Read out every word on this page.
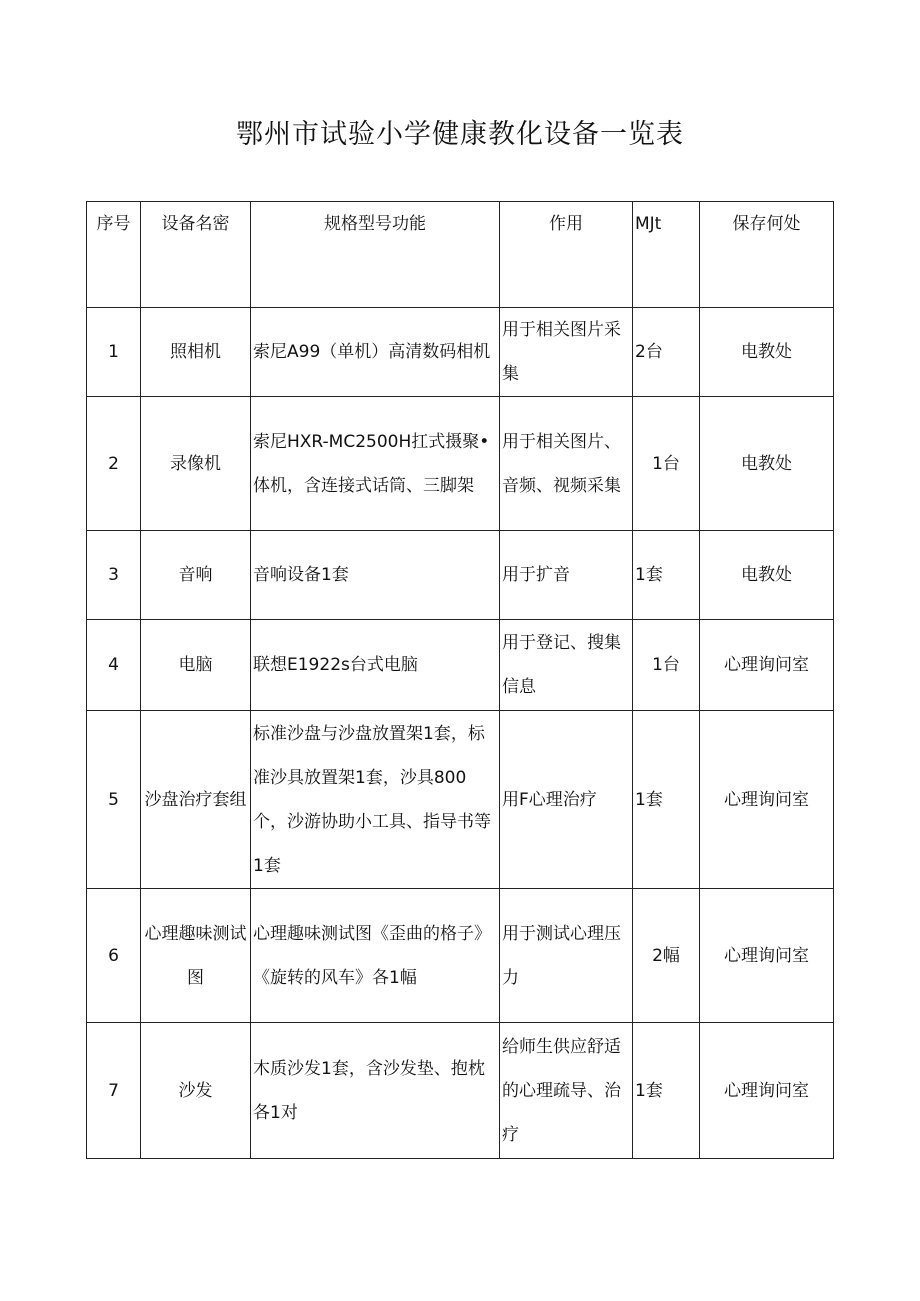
鄂州市试验小学健康教化设备一览表
序号	设备名密	规格型号功能	作用	MJt	保存何处
1	照相机	索尼A99（单机）高清数码相机	用于相关图片采集	2台	电教处
2	录像机	索尼HXR-MC2500H扛式摄聚•体机，含连接式话筒、三脚架	用于相关图片、音频、视频采集	1台	电教处
3	音响	音响设备1套	用于扩音	1套	电教处
4	电脑	联想E1922s台式电脑	用于登记、搜集信息	1台	心理询问室
5	沙盘治疗套组	标准沙盘与沙盘放置架1套，标准沙具放置架1套，沙具800个，沙游协助小工具、指导书等1套	用F心理治疗	1套	心理询问室
6	心理趣味测试图	心理趣味测试图《歪曲的格子》《旋转的风车》各1幅	用于测试心理压力	2幅	心理询问室
7	沙发	木质沙发1套，含沙发垫、抱枕各1对	给师生供应舒适的心理疏导、治疗	1套	心理询问室
